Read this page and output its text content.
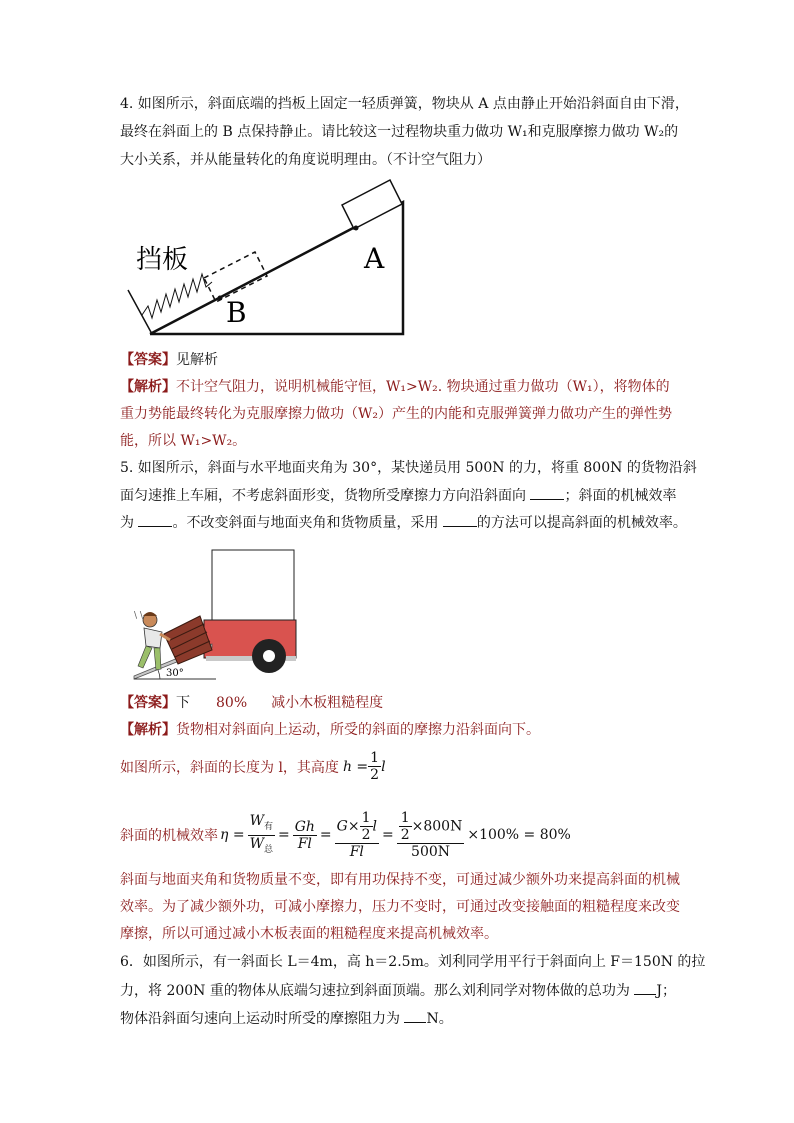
4. 如图所示，斜面底端的挡板上固定一轻质弹簧，物块从 A 点由静止开始沿斜面自由下滑，
最终在斜面上的 B 点保持静止。请比较这一过程物块重力做功 W₁和克服摩擦力做功 W₂的
大小关系，并从能量转化的角度说明理由。（不计空气阻力）
挡板	A
B
【答案】见解析
【解析】不计空气阻力，说明机械能守恒，W₁>W₂. 物块通过重力做功（W₁），将物体的
重力势能最终转化为克服摩擦力做功（W₂）产生的内能和克服弹簧弹力做功产生的弹性势
能，所以 W₁>W₂。
5. 如图所示，斜面与水平地面夹角为 30°，某快递员用 500N 的力，将重 800N 的货物沿斜
面匀速推上车厢，不考虑斜面形变，货物所受摩擦力方向沿斜面向 ；斜面的机械效率
为 。不改变斜面与地面夹角和货物质量，采用 的方法可以提高斜面的机械效率。
\ \
30°
【答案】下 80% 减小木板粗糙程度
【解析】货物相对斜面向上运动，所受的斜面的摩擦力沿斜面向下。
如图所示，斜面的长度为 l，其高度 $h = \frac{1}{2}$ l
斜面的机械效率 $\eta = \frac{W_有}{W_总} = \frac{Gh}{Fl} = \frac{G\times \frac{1}{2} l}{Fl} = \frac{\frac{1}{2} \times 800N}{500N} \times 100\% = 80\%$
斜面与地面夹角和货物质量不变，即有用功保持不变，可通过减少额外功来提高斜面的机械
效率。为了减少额外功，可减小摩擦力，压力不变时，可通过改变接触面的粗糙程度来改变
摩擦，所以可通过减小木板表面的粗糙程度来提高机械效率。
6．如图所示，有一斜面长 L＝4m，高 h＝2.5m。刘利同学用平行于斜面向上 F＝150N 的拉
力，将 200N 重的物体从底端匀速拉到斜面顶端。那么刘利同学对物体做的总功为 J；
物体沿斜面匀速向上运动时所受的摩擦阻力为 N。
